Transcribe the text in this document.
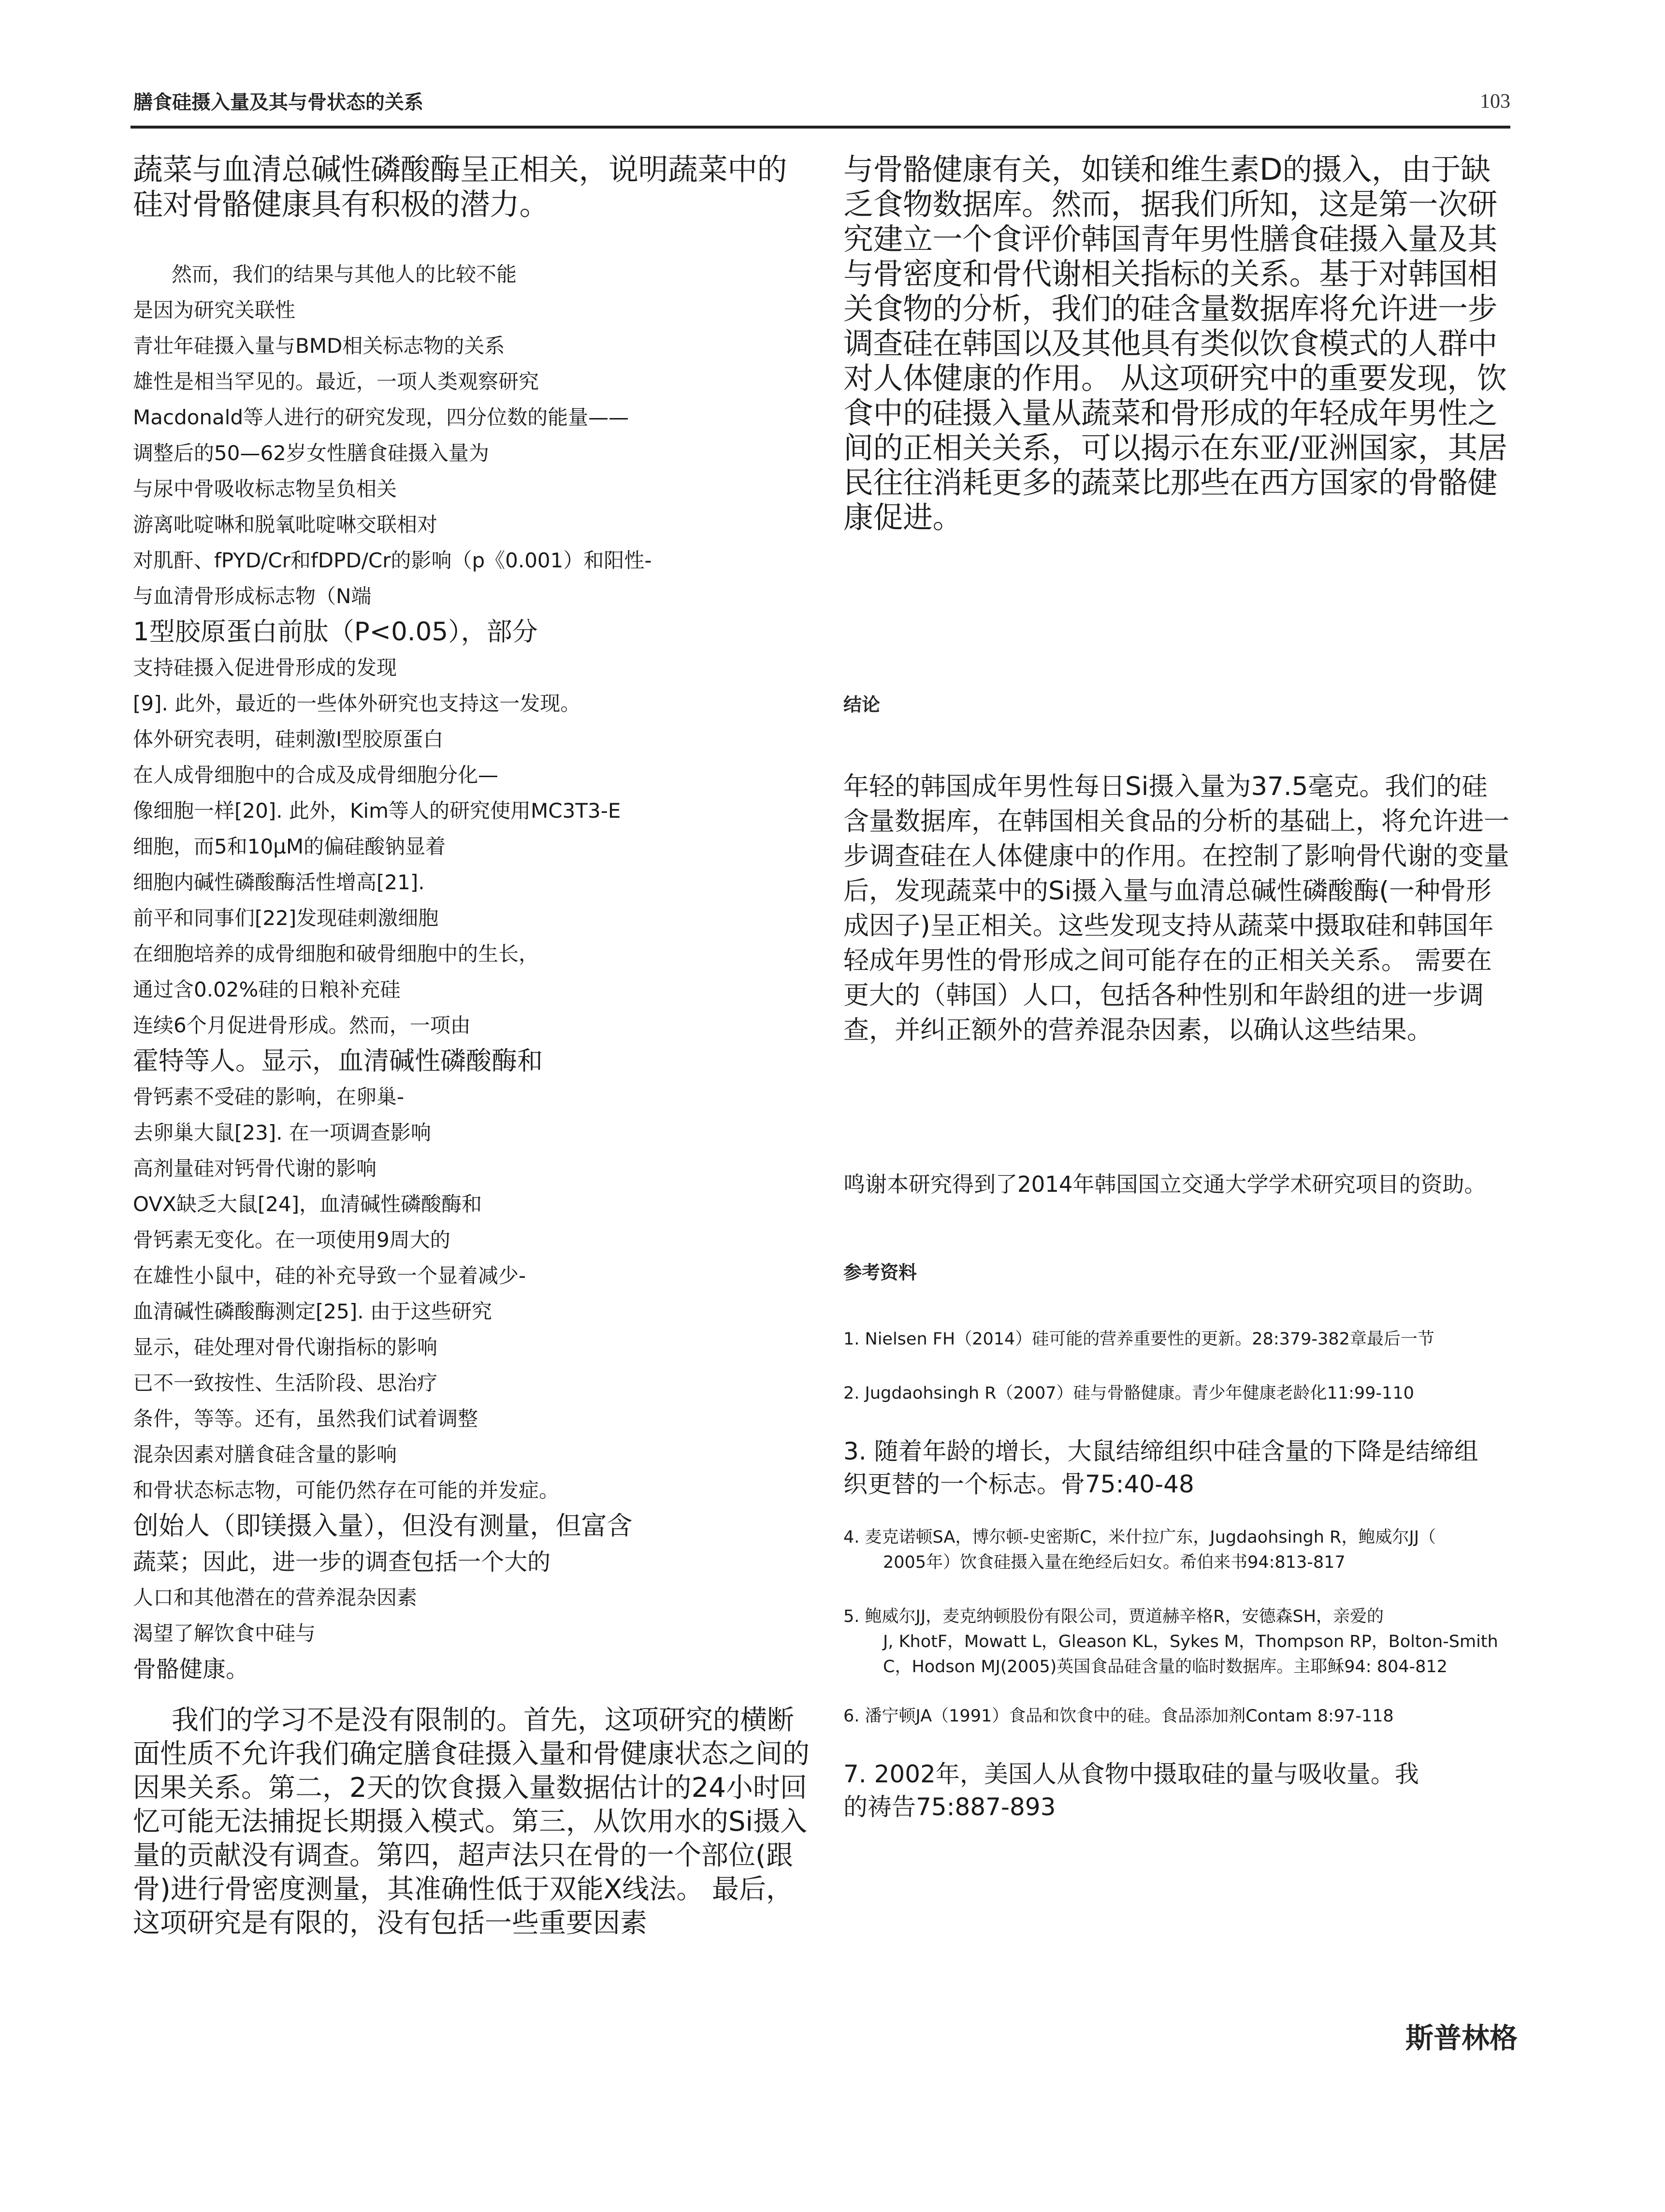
膳食硅摄入量及其与骨状态的关系	103

蔬菜与血清总碱性磷酸酶呈正相关，说明蔬菜中的硅对骨骼健康具有积极的潜力。

然而，我们的结果与其他人的比较不能
是因为研究关联性
青壮年硅摄入量与BMD相关标志物的关系
雄性是相当罕见的。最近，一项人类观察研究
Macdonald等人进行的研究发现，四分位数的能量——
调整后的50—62岁女性膳食硅摄入量为
与尿中骨吸收标志物呈负相关
游离吡啶啉和脱氧吡啶啉交联相对
对肌酐、fPYD/Cr和fDPD/Cr的影响（p《0.001）和阳性-
与血清骨形成标志物（N端
1型胶原蛋白前肽（P<0.05），部分
支持硅摄入促进骨形成的发现
[9]. 此外，最近的一些体外研究也支持这一发现。
体外研究表明，硅刺激I型胶原蛋白
在人成骨细胞中的合成及成骨细胞分化—
像细胞一样[20]. 此外，Kim等人的研究使用MC3T3-E
细胞，而5和10μM的偏硅酸钠显着
细胞内碱性磷酸酶活性增高[21].
前平和同事们[22]发现硅刺激细胞
在细胞培养的成骨细胞和破骨细胞中的生长，
通过含0.02%硅的日粮补充硅
连续6个月促进骨形成。然而，一项由
霍特等人。显示，血清碱性磷酸酶和
骨钙素不受硅的影响，在卵巢-
去卵巢大鼠[23]. 在一项调查影响
高剂量硅对钙骨代谢的影响
OVX缺乏大鼠[24]，血清碱性磷酸酶和
骨钙素无变化。在一项使用9周大的
在雄性小鼠中，硅的补充导致一个显着减少-
血清碱性磷酸酶测定[25]. 由于这些研究
显示，硅处理对骨代谢指标的影响
已不一致按性、生活阶段、思治疗
条件，等等。还有，虽然我们试着调整
混杂因素对膳食硅含量的影响
和骨状态标志物，可能仍然存在可能的并发症。
创始人（即镁摄入量），但没有测量，但富含
蔬菜；因此，进一步的调查包括一个大的
人口和其他潜在的营养混杂因素
渴望了解饮食中硅与
骨骼健康。

我们的学习不是没有限制的。首先，这项研究的横断面性质不允许我们确定膳食硅摄入量和骨健康状态之间的因果关系。第二，2天的饮食摄入量数据估计的24小时回忆可能无法捕捉长期摄入模式。第三，从饮用水的Si摄入量的贡献没有调查。第四，超声法只在骨的一个部位(跟骨)进行骨密度测量，其准确性低于双能X线法。 最后，这项研究是有限的，没有包括一些重要因素

与骨骼健康有关，如镁和维生素D的摄入，由于缺乏食物数据库。然而，据我们所知，这是第一次研究建立一个食评价韩国青年男性膳食硅摄入量及其与骨密度和骨代谢相关指标的关系。基于对韩国相关食物的分析，我们的硅含量数据库将允许进一步调查硅在韩国以及其他具有类似饮食模式的人群中对人体健康的作用。 从这项研究中的重要发现，饮食中的硅摄入量从蔬菜和骨形成的年轻成年男性之间的正相关关系，可以揭示在东亚/亚洲国家，其居民往往消耗更多的蔬菜比那些在西方国家的骨骼健康促进。

结论

年轻的韩国成年男性每日Si摄入量为37.5毫克。我们的硅含量数据库，在韩国相关食品的分析的基础上，将允许进一步调查硅在人体健康中的作用。在控制了影响骨代谢的变量后，发现蔬菜中的Si摄入量与血清总碱性磷酸酶(一种骨形成因子)呈正相关。这些发现支持从蔬菜中摄取硅和韩国年轻成年男性的骨形成之间可能存在的正相关关系。 需要在更大的（韩国）人口，包括各种性别和年龄组的进一步调查，并纠正额外的营养混杂因素，以确认这些结果。

鸣谢本研究得到了2014年韩国国立交通大学学术研究项目的资助。

参考资料

1. Nielsen FH（2014）硅可能的营养重要性的更新。28:379-382章最后一节

2. Jugdaohsingh R（2007）硅与骨骼健康。青少年健康老龄化11:99-110

3. 随着年龄的增长，大鼠结缔组织中硅含量的下降是结缔组
织更替的一个标志。骨75:40-48

4. 麦克诺顿SA，博尔顿-史密斯C，米什拉广东，Jugdaohsingh R，鲍威尔JJ（
2005年）饮食硅摄入量在绝经后妇女。希伯来书94:813-817

5. 鲍威尔JJ，麦克纳顿股份有限公司，贾道赫辛格R，安德森SH，亲爱的
J, KhotF，Mowatt L，Gleason KL，Sykes M，Thompson RP，Bolton-Smith C，Hodson MJ(2005)英国食品硅含量的临时数据库。主耶稣94: 804-812

6. 潘宁顿JA（1991）食品和饮食中的硅。食品添加剂Contam 8:97-118

7. 2002年，美国人从食物中摄取硅的量与吸收量。我
的祷告75:887-893

斯普林格
